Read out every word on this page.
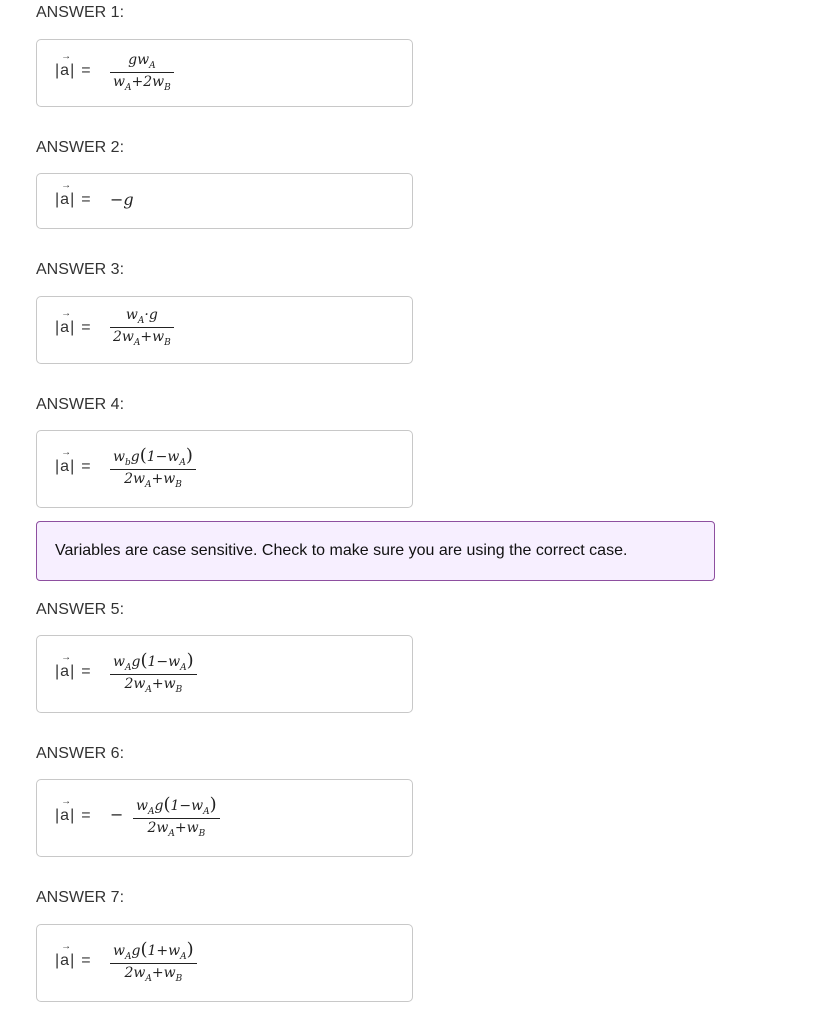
ANSWER 1:
|→ a| =
$gw_A$
$w_A+2w_B$
ANSWER 2:
|→ a| = −g
ANSWER 3:
|→ a| =
$w_A\cdot g$
$2w_A+w_B$
ANSWER 4:
|→ a| =
$w_bg(1-w_A)$
$2w_A+w_B$
Variables are case sensitive. Check to make sure you are using the correct case.
ANSWER 5:
|→ a| =
$w_Ag(1-w_A)$
$2w_A+w_B$
ANSWER 6:
|→ a| = − $w_Ag(1-w_A)$
$2w_A+w_B$
ANSWER 7:
|→ a| =
$w_Ag(1+w_A)$
$2w_A+w_B$
